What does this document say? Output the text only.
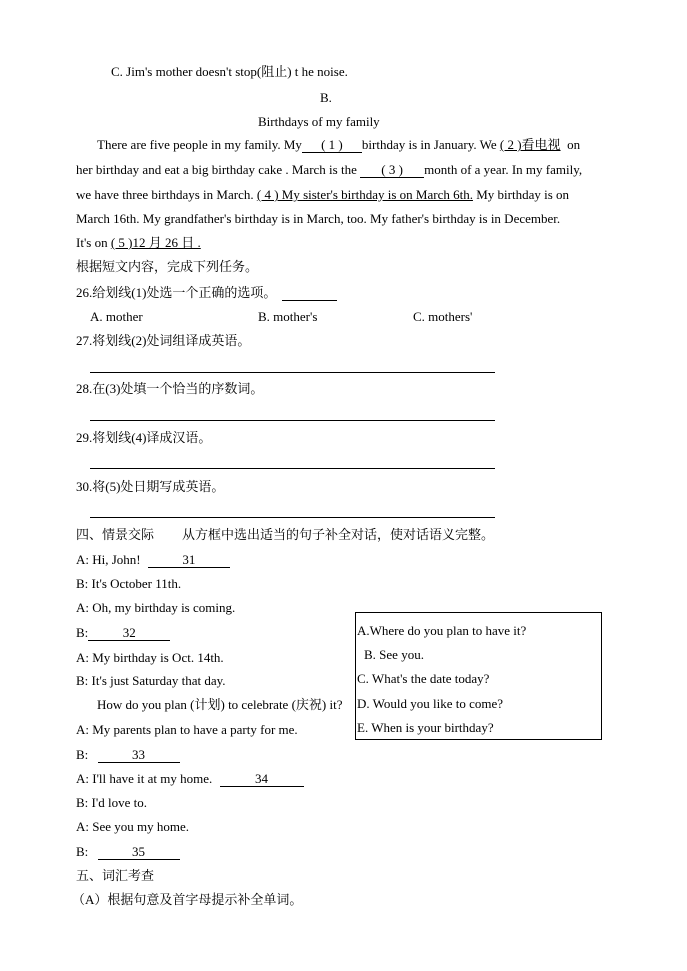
C. Jim's mother doesn't stop(阻止) t he noise.
B.
Birthdays of my family
There are five people in my family. My ( 1 ) birthday is in January. We ( 2 )看电视 on
her birthday and eat a big birthday cake . March is the ( 3 ) month of a year. In my family,
we have three birthdays in March. ( 4 ) My sister's birthday is on March 6th. My birthday is on
March 16th. My grandfather's birthday is in March, too. My father's birthday is in December.
It's on ( 5 )12 月 26 日 .
根据短文内容，完成下列任务。
26.给划线(1)处选一个正确的选项。
A. mother	B. mother's	C. mothers'
27.将划线(2)处词组译成英语。
28.在(3)处填一个恰当的序数词。
29.将划线(4)译成汉语。
30.将(5)处日期写成英语。
四、情景交际 从方框中选出适当的句子补全对话，使对话语义完整。
A: Hi, John!	31
B: It's October 11th.
A: Oh, my birthday is coming.
B:	32
A: My birthday is Oct. 14th.
B: It's just Saturday that day.
How do you plan (计划) to celebrate (庆祝) it?
A: My parents plan to have a party for me.
B:	33
A: I'll have it at my home.	34
B: I'd love to.
A: See you my home.
B:	35
A.Where do you plan to have it?
B. See you.
C. What's the date today?
D. Would you like to come?
E. When is your birthday?
五、词汇考查
（A）根据句意及首字母提示补全单词。
